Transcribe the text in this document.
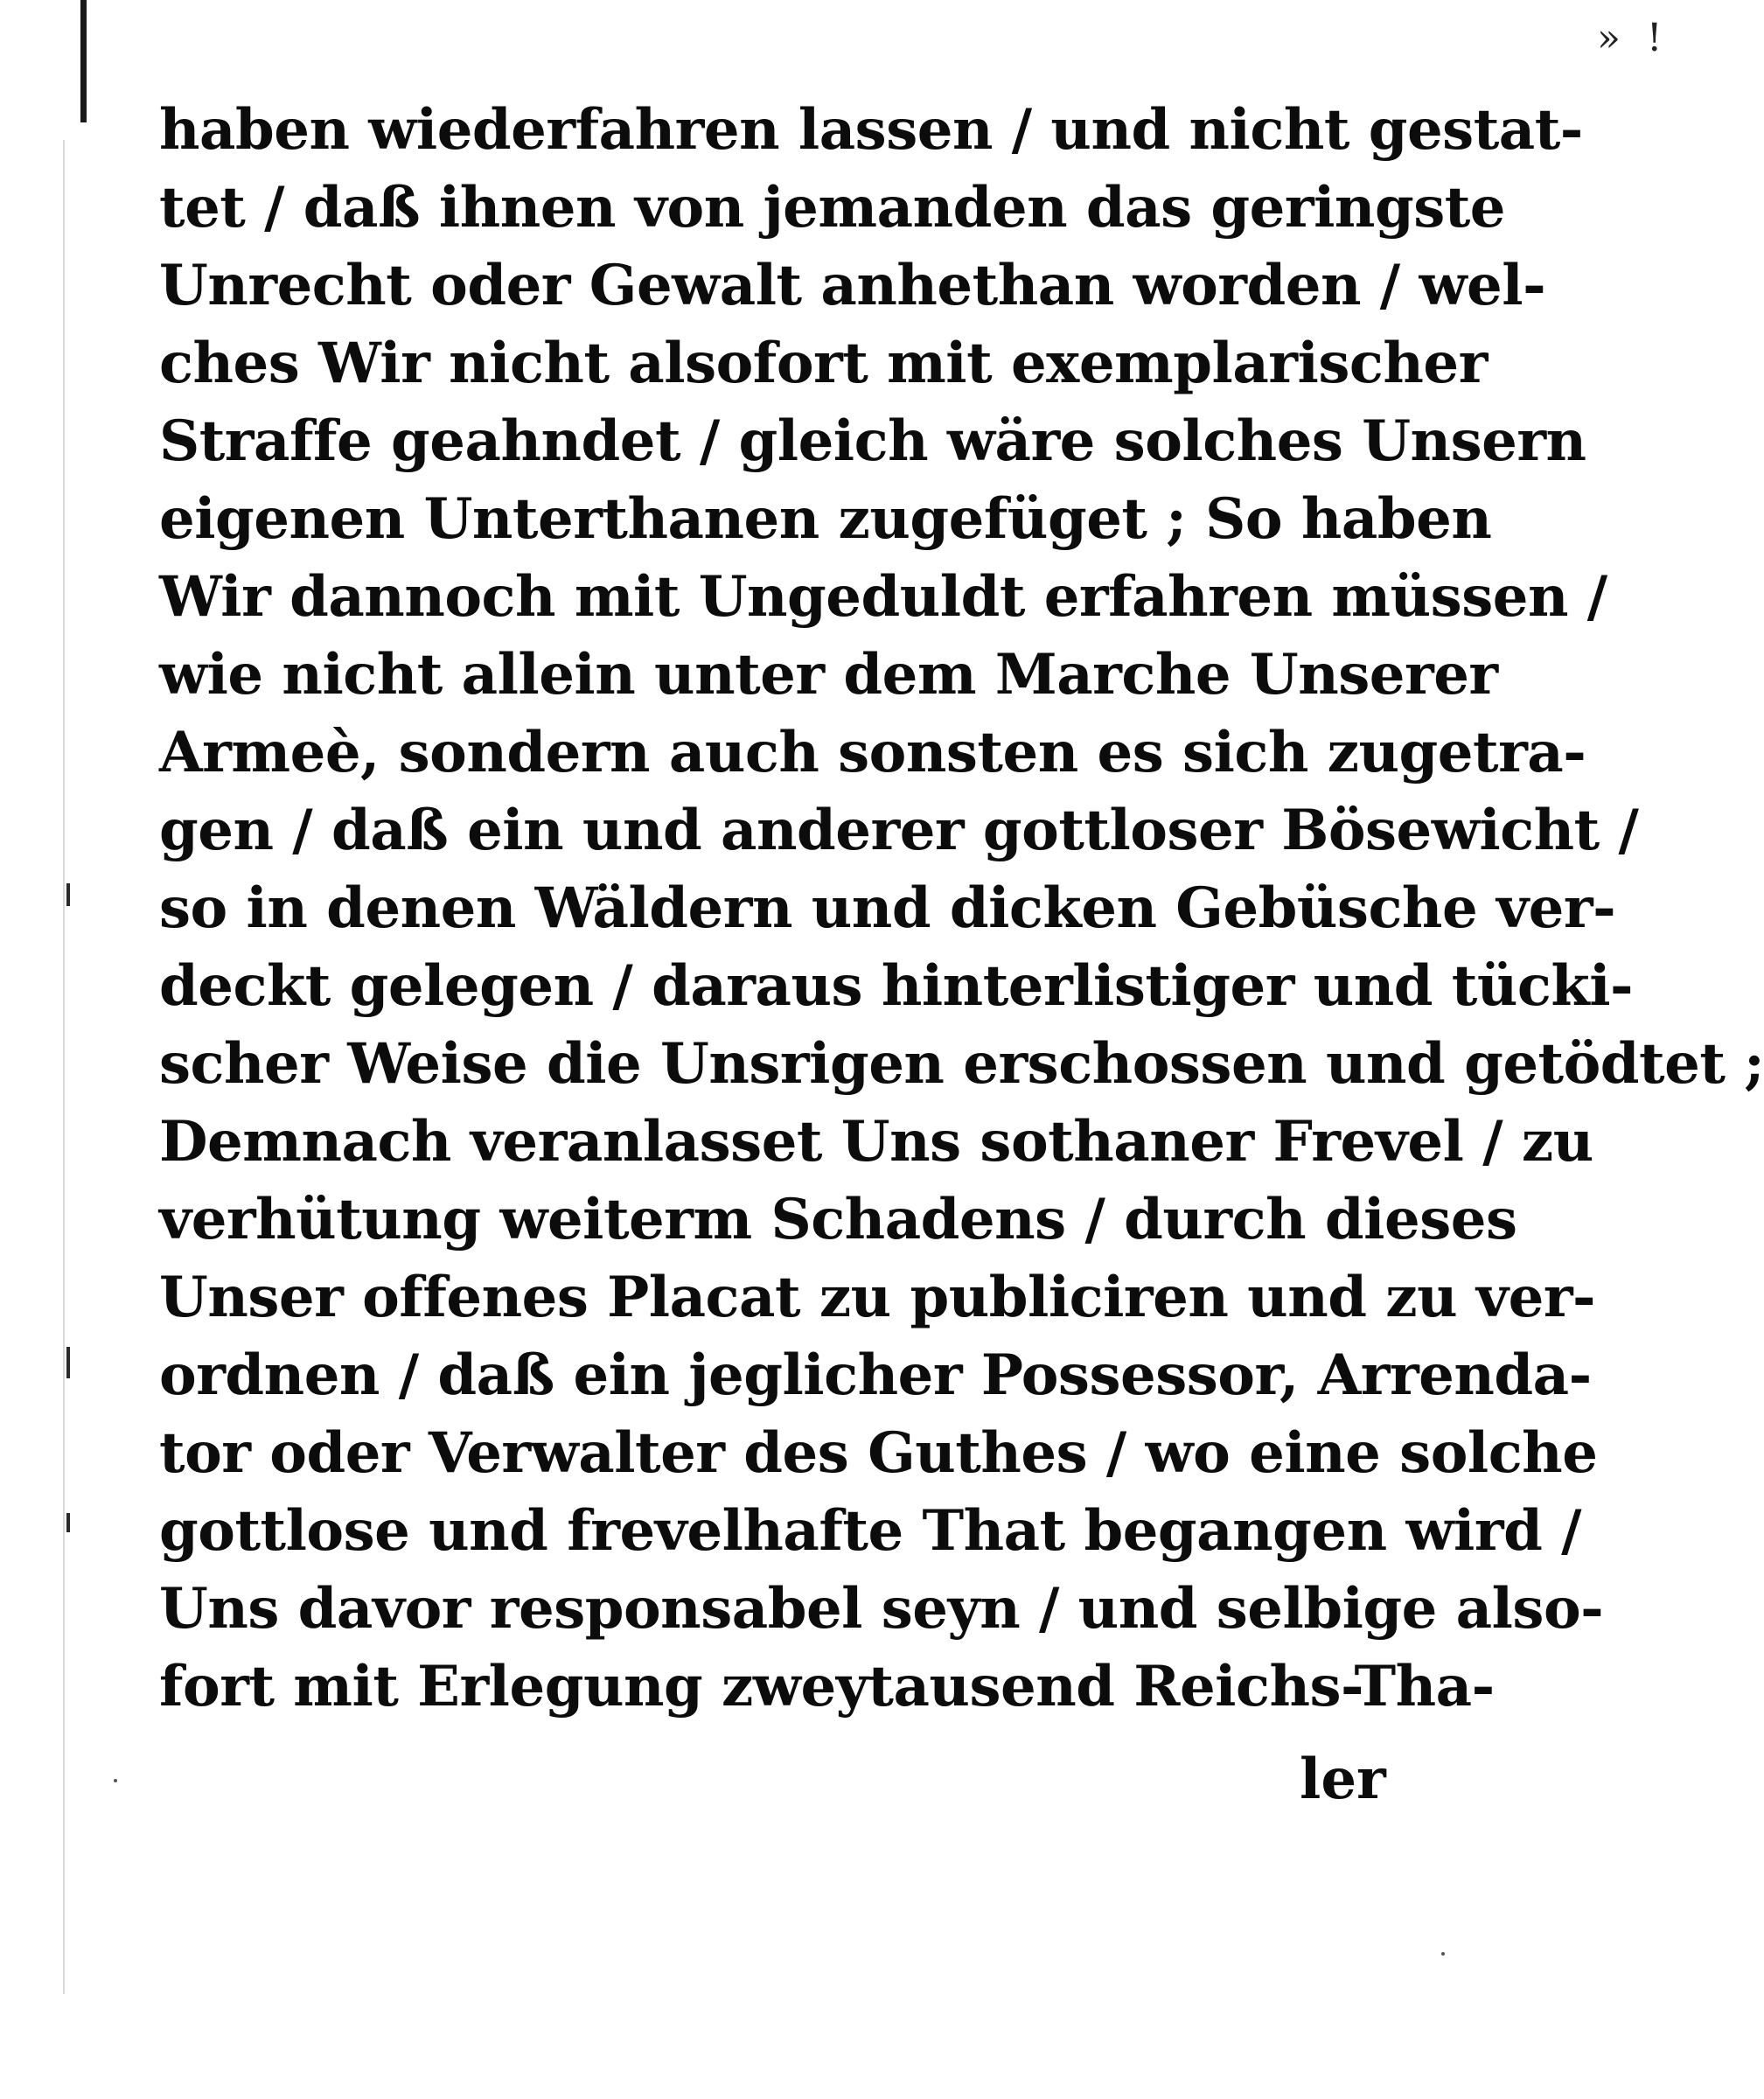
» !
haben wiederfahren lassen / und nicht gestat-
tet / daß ihnen von jemanden das geringste
Unrecht oder Gewalt anhethan worden / wel-
ches Wir nicht alsofort mit exemplarischer
Straffe geahndet / gleich wäre solches Unsern
eigenen Unterthanen zugefüget ; So haben
Wir dannoch mit Ungeduldt erfahren müssen /
wie nicht allein unter dem Marche Unserer
Armeè, sondern auch sonsten es sich zugetra-
gen / daß ein und anderer gottloser Bösewicht /
so in denen Wäldern und dicken Gebüsche ver-
deckt gelegen / daraus hinterlistiger und tücki-
scher Weise die Unsrigen erschossen und getödtet ;
Demnach veranlasset Uns sothaner Frevel / zu
verhütung weiterm Schadens / durch dieses
Unser offenes Placat zu publiciren und zu ver-
ordnen / daß ein jeglicher Possessor, Arrenda-
tor oder Verwalter des Guthes / wo eine solche
gottlose und frevelhafte That begangen wird /
Uns davor responsabel seyn / und selbige also-
fort mit Erlegung zweytausend Reichs-Tha-
ler
